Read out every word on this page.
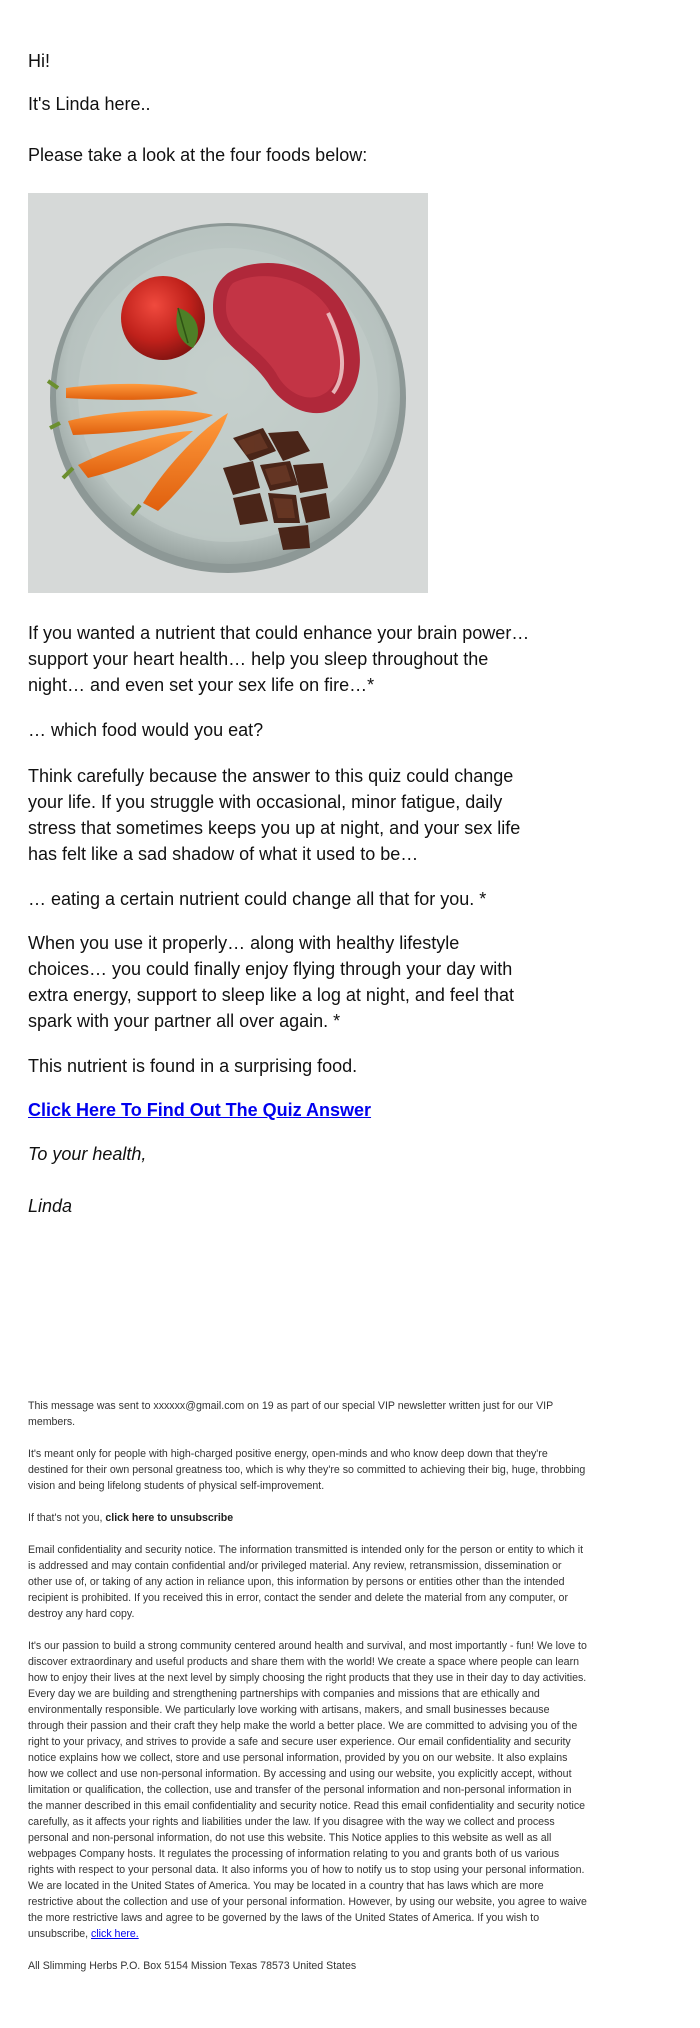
Hi!

It's Linda here..

Please take a look at the four foods below:

If you wanted a nutrient that could enhance your brain power… support your heart health… help you sleep throughout the night… and even set your sex life on fire…*

… which food would you eat?

Think carefully because the answer to this quiz could change your life. If you struggle with occasional, minor fatigue, daily stress that sometimes keeps you up at night, and your sex life has felt like a sad shadow of what it used to be…

… eating a certain nutrient could change all that for you. *

When you use it properly… along with healthy lifestyle choices… you could finally enjoy flying through your day with extra energy, support to sleep like a log at night, and feel that spark with your partner all over again. *

This nutrient is found in a surprising food.

Click Here To Find Out The Quiz Answer

To your health,

Linda

This message was sent to xxxxxx@gmail.com on 19 as part of our special VIP newsletter written just for our VIP members.

It's meant only for people with high-charged positive energy, open-minds and who know deep down that they're destined for their own personal greatness too, which is why they're so committed to achieving their big, huge, throbbing vision and being lifelong students of physical self-improvement.

If that's not you, click here to unsubscribe

Email confidentiality and security notice. The information transmitted is intended only for the person or entity to which it is addressed and may contain confidential and/or privileged material. Any review, retransmission, dissemination or other use of, or taking of any action in reliance upon, this information by persons or entities other than the intended recipient is prohibited. If you received this in error, contact the sender and delete the material from any computer, or destroy any hard copy.

It's our passion to build a strong community centered around health and survival, and most importantly - fun! We love to discover extraordinary and useful products and share them with the world! We create a space where people can learn how to enjoy their lives at the next level by simply choosing the right products that they use in their day to day activities. Every day we are building and strengthening partnerships with companies and missions that are ethically and environmentally responsible. We particularly love working with artisans, makers, and small businesses because through their passion and their craft they help make the world a better place. We are committed to advising you of the right to your privacy, and strives to provide a safe and secure user experience. Our email confidentiality and security notice explains how we collect, store and use personal information, provided by you on our website. It also explains how we collect and use non-personal information. By accessing and using our website, you explicitly accept, without limitation or qualification, the collection, use and transfer of the personal information and non-personal information in the manner described in this email confidentiality and security notice. Read this email confidentiality and security notice carefully, as it affects your rights and liabilities under the law. If you disagree with the way we collect and process personal and non-personal information, do not use this website. This Notice applies to this website as well as all webpages Company hosts. It regulates the processing of information relating to you and grants both of us various rights with respect to your personal data. It also informs you of how to notify us to stop using your personal information. We are located in the United States of America. You may be located in a country that has laws which are more restrictive about the collection and use of your personal information. However, by using our website, you agree to waive the more restrictive laws and agree to be governed by the laws of the United States of America. If you wish to unsubscribe, click here.

All Slimming Herbs P.O. Box 5154 Mission Texas 78573 United States
